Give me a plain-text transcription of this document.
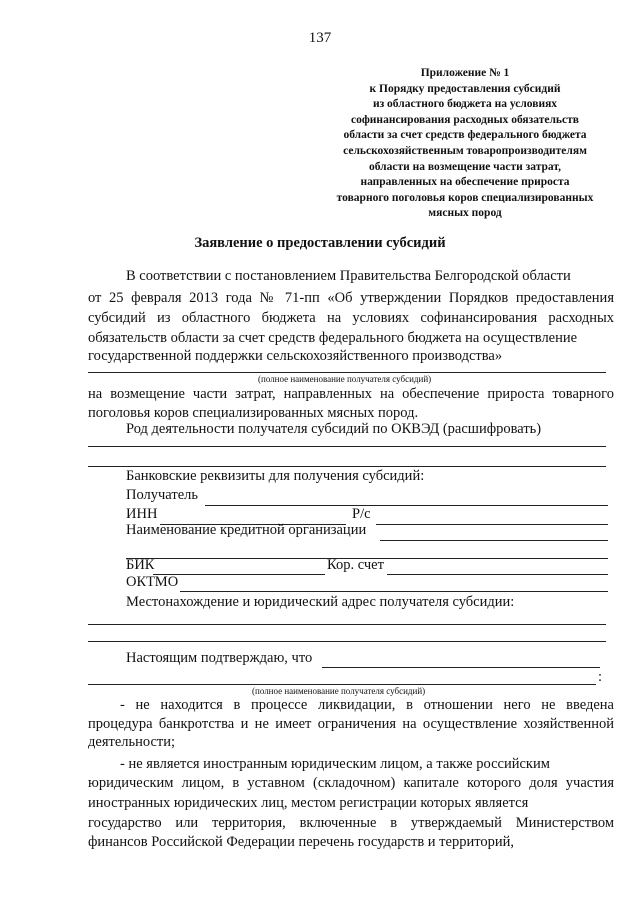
137
Приложение № 1
к Порядку предоставления субсидий
из областного бюджета на условиях
софинансирования расходных обязательств
области за счет средств федерального бюджета
сельскохозяйственным товаропроизводителям
области на возмещение части затрат,
направленных на обеспечение прироста
товарного поголовья коров специализированных
мясных пород
Заявление о предоставлении субсидий
В соответствии с постановлением Правительства Белгородской области
от 25 февраля 2013 года № 71-пп «Об утверждении Порядков предоставления
субсидий из областного бюджета на условиях софинансирования расходных
обязательств области за счет средств федерального бюджета на осуществление
государственной поддержки сельскохозяйственного производства»
(полное наименование получателя субсидий)
на возмещение части затрат, направленных на обеспечение прироста товарного
поголовья коров специализированных мясных пород.
Род деятельности получателя субсидий по ОКВЭД (расшифровать)
Банковские реквизиты для получения субсидий:
Получатель
ИНН	Р/с
Наименование кредитной организации
БИК	Кор. счет
ОКТМО
Местонахождение и юридический адрес получателя субсидии:
Настоящим подтверждаю, что
:
(полное наименование получателя субсидий)
- не находится в процессе ликвидации, в отношении него не введена
процедура банкротства и не имеет ограничения на осуществление хозяйственной
деятельности;
- не является иностранным юридическим лицом, а также российским
юридическим лицом, в уставном (складочном) капитале которого доля участия
иностранных юридических лиц, местом регистрации которых является
государство или территория, включенные в утверждаемый Министерством
финансов Российской Федерации перечень государств и территорий,
